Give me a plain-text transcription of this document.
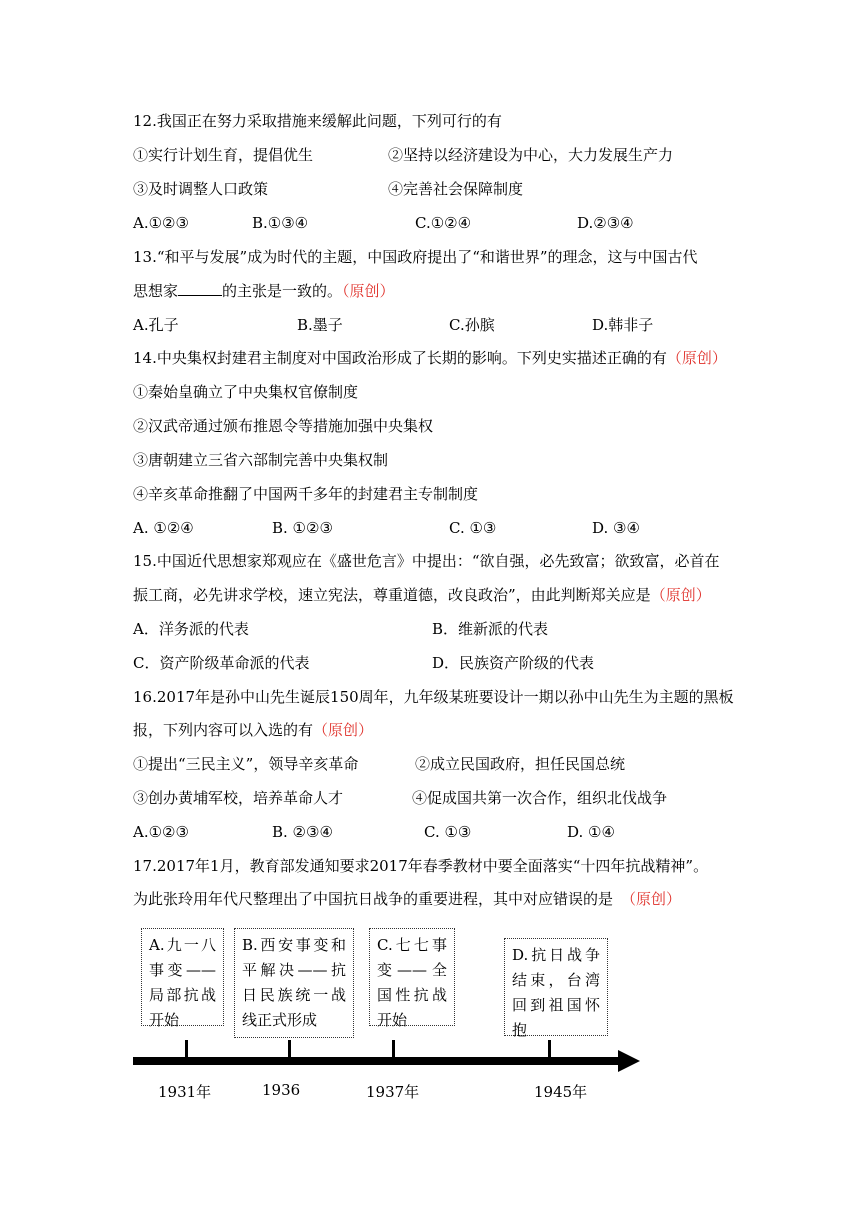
12.我国正在努力采取措施来缓解此问题，下列可行的有
①实行计划生育，提倡优生	②坚持以经济建设为中心，大力发展生产力
③及时调整人口政策	④完善社会保障制度
A.①②③	B.①③④	C.①②④	D.②③④
13.“和平与发展”成为时代的主题，中国政府提出了“和谐世界”的理念，这与中国古代
思想家	的主张是一致的。（原创）
A.孔子	B.墨子	C.孙膑	D.韩非子
14.中央集权封建君主制度对中国政治形成了长期的影响。下列史实描述正确的有（原创）
①秦始皇确立了中央集权官僚制度
②汉武帝通过颁布推恩令等措施加强中央集权
③唐朝建立三省六部制完善中央集权制
④辛亥革命推翻了中国两千多年的封建君主专制制度
A. ①②④	B. ①②③	C. ①③	D. ③④
15.中国近代思想家郑观应在《盛世危言》中提出：“欲自强，必先致富；欲致富，必首在
振工商，必先讲求学校，速立宪法，尊重道德，改良政治”，由此判断郑关应是（原创）
A．洋务派的代表	B．维新派的代表
C．资产阶级革命派的代表	D．民族资产阶级的代表
16.2017年是孙中山先生诞辰150周年，九年级某班要设计一期以孙中山先生为主题的黑板
报，下列内容可以入选的有（原创）
①提出“三民主义”，领导辛亥革命	②成立民国政府，担任民国总统
③创办黄埔军校，培养革命人才	④促成国共第一次合作，组织北伐战争
A.①②③	B. ②③④	C. ①③	D. ①④
17.2017年1月，教育部发通知要求2017年春季教材中要全面落实“十四年抗战精神”。
为此张玲用年代尺整理出了中国抗日战争的重要进程，其中对应错误的是 （原创）
A.九一八事变——局部抗战开始
B.西安事变和平解决——抗日民族统一战线正式形成
C.七七事变——全国性抗战开始
D.抗日战争结束，台湾回到祖国怀抱
1931年	1936	1937年	1945年
